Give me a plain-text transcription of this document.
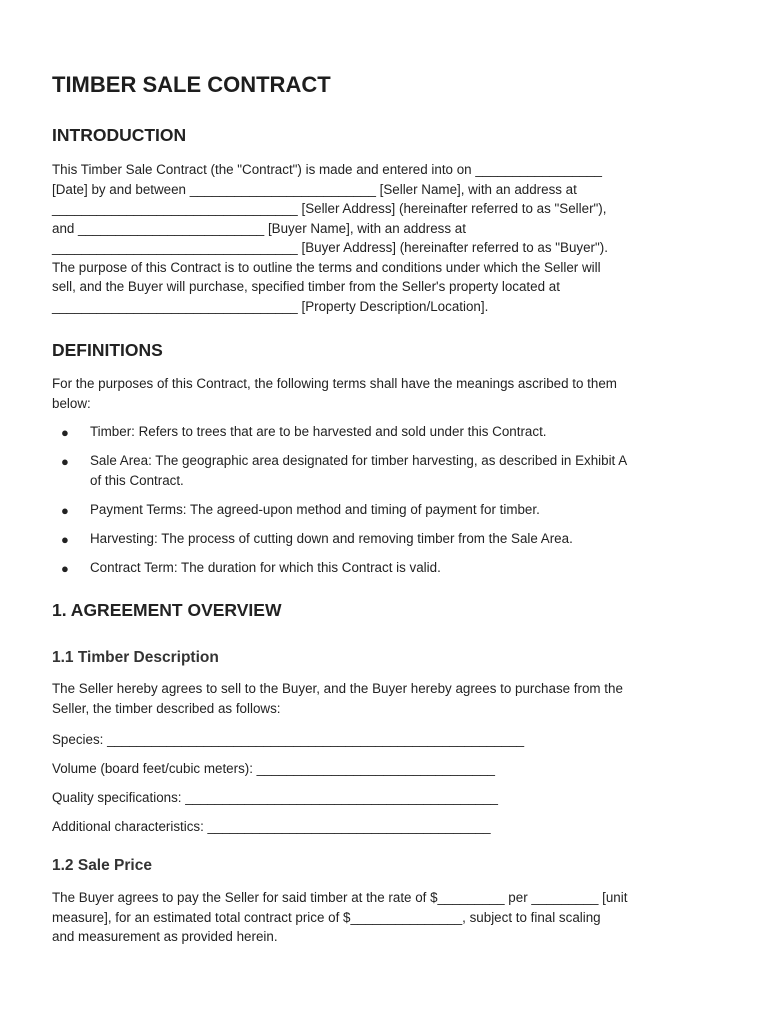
TIMBER SALE CONTRACT
INTRODUCTION
This Timber Sale Contract (the "Contract") is made and entered into on _________________
[Date] by and between _________________________ [Seller Name], with an address at
_________________________________ [Seller Address] (hereinafter referred to as "Seller"),
and _________________________ [Buyer Name], with an address at
_________________________________ [Buyer Address] (hereinafter referred to as "Buyer").
The purpose of this Contract is to outline the terms and conditions under which the Seller will
sell, and the Buyer will purchase, specified timber from the Seller's property located at
_________________________________ [Property Description/Location].
DEFINITIONS
For the purposes of this Contract, the following terms shall have the meanings ascribed to them
below:
● Timber: Refers to trees that are to be harvested and sold under this Contract.
● Sale Area: The geographic area designated for timber harvesting, as described in Exhibit A
of this Contract.
● Payment Terms: The agreed-upon method and timing of payment for timber.
● Harvesting: The process of cutting down and removing timber from the Sale Area.
● Contract Term: The duration for which this Contract is valid.
1. AGREEMENT OVERVIEW
1.1 Timber Description
The Seller hereby agrees to sell to the Buyer, and the Buyer hereby agrees to purchase from the
Seller, the timber described as follows:
Species: ________________________________________________________
Volume (board feet/cubic meters): ________________________________
Quality specifications: __________________________________________
Additional characteristics: ______________________________________
1.2 Sale Price
The Buyer agrees to pay the Seller for said timber at the rate of $_________ per _________ [unit
measure], for an estimated total contract price of $_______________, subject to final scaling
and measurement as provided herein.
